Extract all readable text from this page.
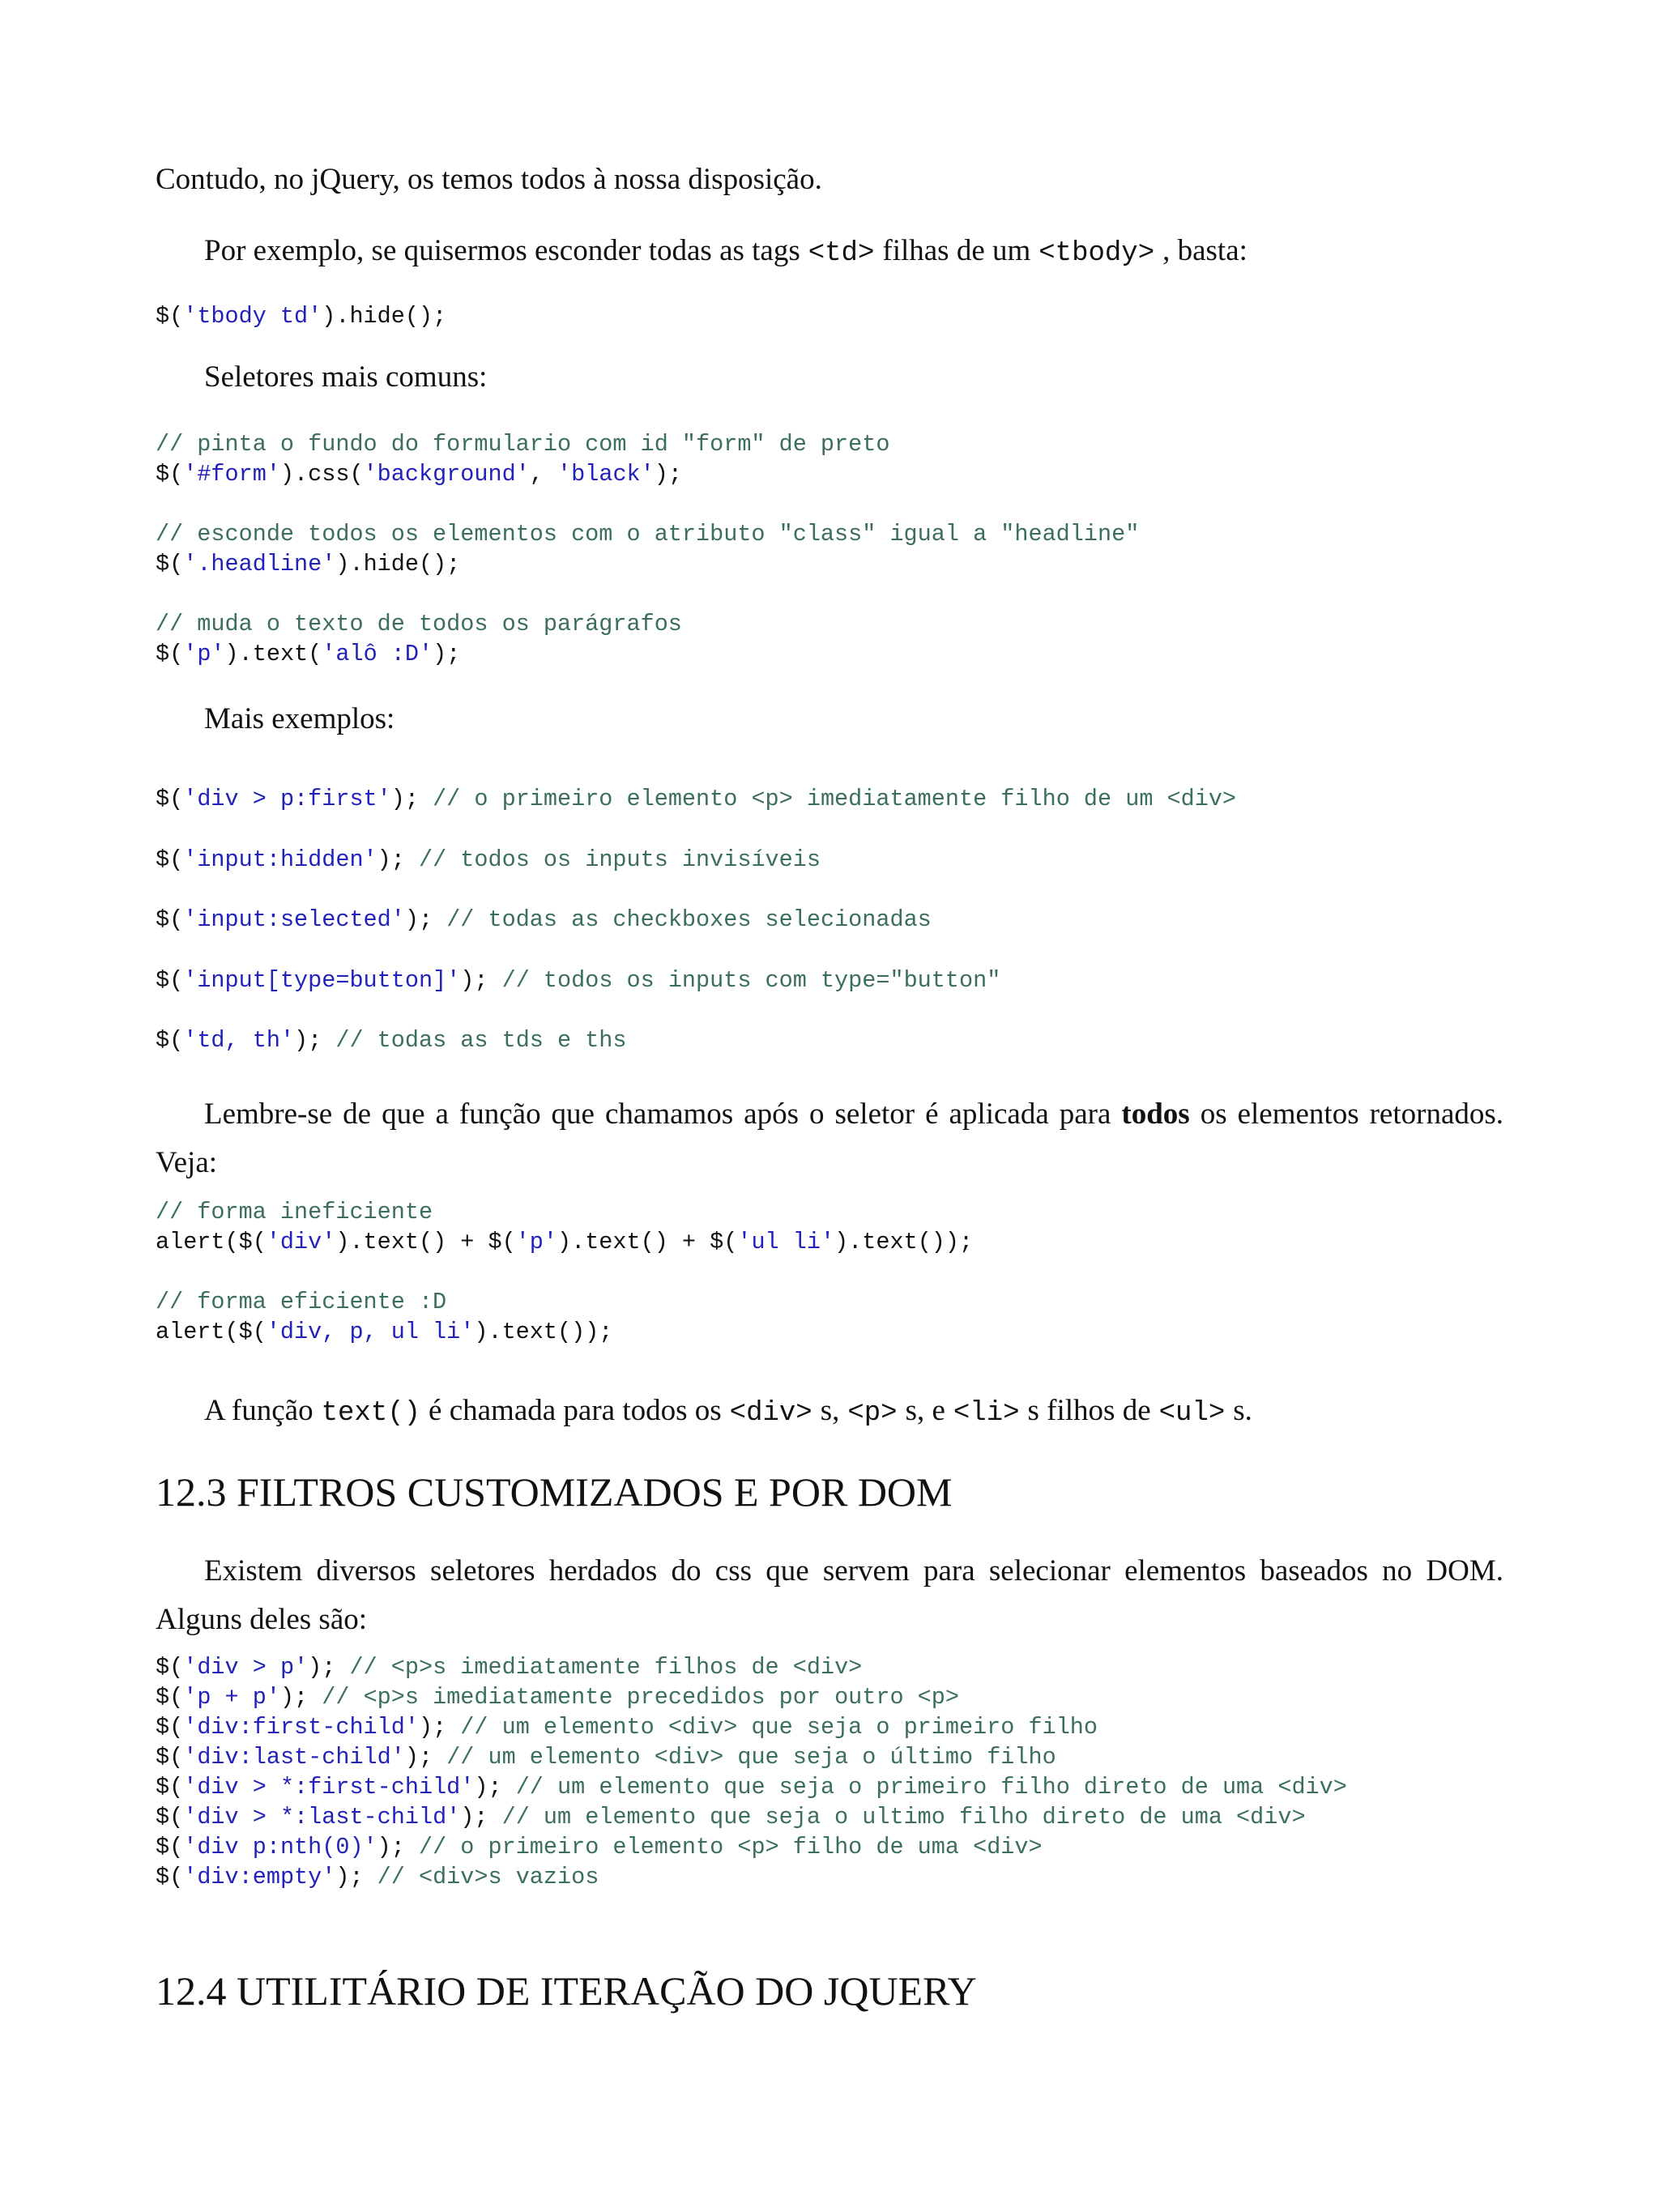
Contudo, no jQuery, os temos todos à nossa disposição.

Por exemplo, se quisermos esconder todas as tags <td> filhas de um <tbody> , basta:

$('tbody td').hide();

Seletores mais comuns:

// pinta o fundo do formulario com id "form" de preto
$('#form').css('background', 'black');

// esconde todos os elementos com o atributo "class" igual a "headline"
$('.headline').hide();

// muda o texto de todos os parágrafos
$('p').text('alô :D');

Mais exemplos:

$('div > p:first'); // o primeiro elemento <p> imediatamente filho de um <div>
$('input:hidden'); // todos os inputs invisíveis
$('input:selected'); // todas as checkboxes selecionadas
$('input[type=button]'); // todos os inputs com type="button"
$('td, th'); // todas as tds e ths

Lembre-se de que a função que chamamos após o seletor é aplicada para todos os elementos retornados. Veja:

// forma ineficiente
alert($('div').text() + $('p').text() + $('ul li').text());

// forma eficiente :D
alert($('div, p, ul li').text());

A função text() é chamada para todos os <div> s, <p> s, e <li> s filhos de <ul> s.

12.3 FILTROS CUSTOMIZADOS E POR DOM

Existem diversos seletores herdados do css que servem para selecionar elementos baseados no DOM. Alguns deles são:

$('div > p'); // <p>s imediatamente filhos de <div>
$('p + p'); // <p>s imediatamente precedidos por outro <p>
$('div:first-child'); // um elemento <div> que seja o primeiro filho
$('div:last-child'); // um elemento <div> que seja o último filho
$('div > *:first-child'); // um elemento que seja o primeiro filho direto de uma <div>
$('div > *:last-child'); // um elemento que seja o ultimo filho direto de uma <div>
$('div p:nth(0)'); // o primeiro elemento <p> filho de uma <div>
$('div:empty'); // <div>s vazios
12.4 UTILITÁRIO DE ITERAÇÃO DO JQUERY
